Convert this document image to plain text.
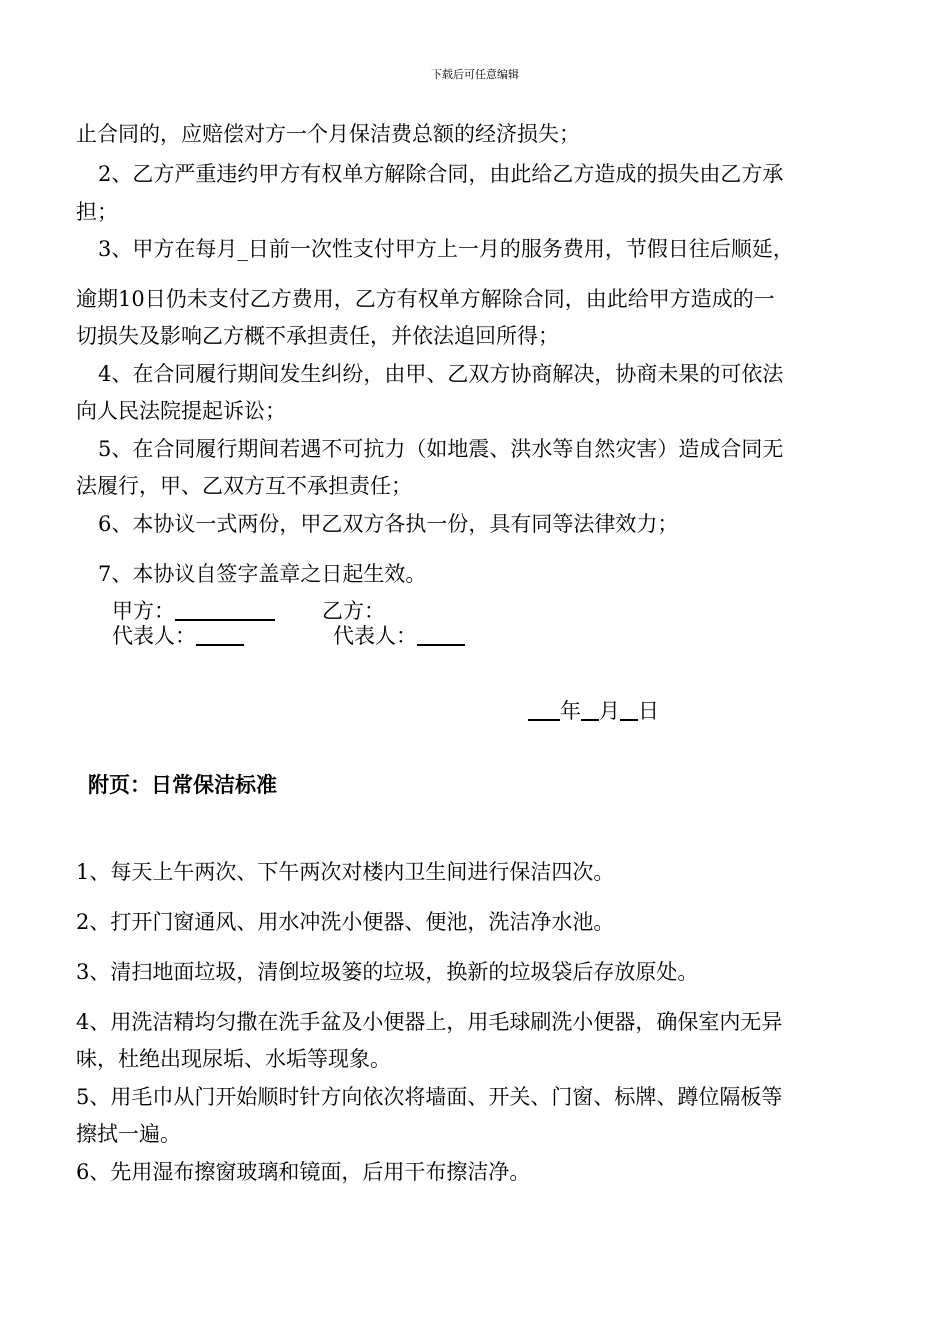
下载后可任意编辑
止合同的，应赔偿对方一个月保洁费总额的经济损失；
2、乙方严重违约甲方有权单方解除合同，由此给乙方造成的损失由乙方承
担；
3、甲方在每月_日前一次性支付甲方上一月的服务费用，节假日往后顺延，
逾期10日仍未支付乙方费用，乙方有权单方解除合同，由此给甲方造成的一
切损失及影响乙方概不承担责任，并依法追回所得；
4、在合同履行期间发生纠纷，由甲、乙双方协商解决，协商未果的可依法
向人民法院提起诉讼；
5、在合同履行期间若遇不可抗力（如地震、洪水等自然灾害）造成合同无
法履行，甲、乙双方互不承担责任；
6、本协议一式两份，甲乙双方各执一份，具有同等法律效力；
7、本协议自签字盖章之日起生效。
甲方：	乙方：
代表人：	代表人：
年 月 日
附页：日常保洁标准
1、每天上午两次、下午两次对楼内卫生间进行保洁四次。
2、打开门窗通风、用水冲洗小便器、便池，洗洁净水池。
3、清扫地面垃圾，清倒垃圾篓的垃圾，换新的垃圾袋后存放原处。
4、用洗洁精均匀撒在洗手盆及小便器上，用毛球刷洗小便器，确保室内无异
味，杜绝出现尿垢、水垢等现象。
5、用毛巾从门开始顺时针方向依次将墙面、开关、门窗、标牌、蹲位隔板等
擦拭一遍。
6、先用湿布擦窗玻璃和镜面，后用干布擦洁净。
